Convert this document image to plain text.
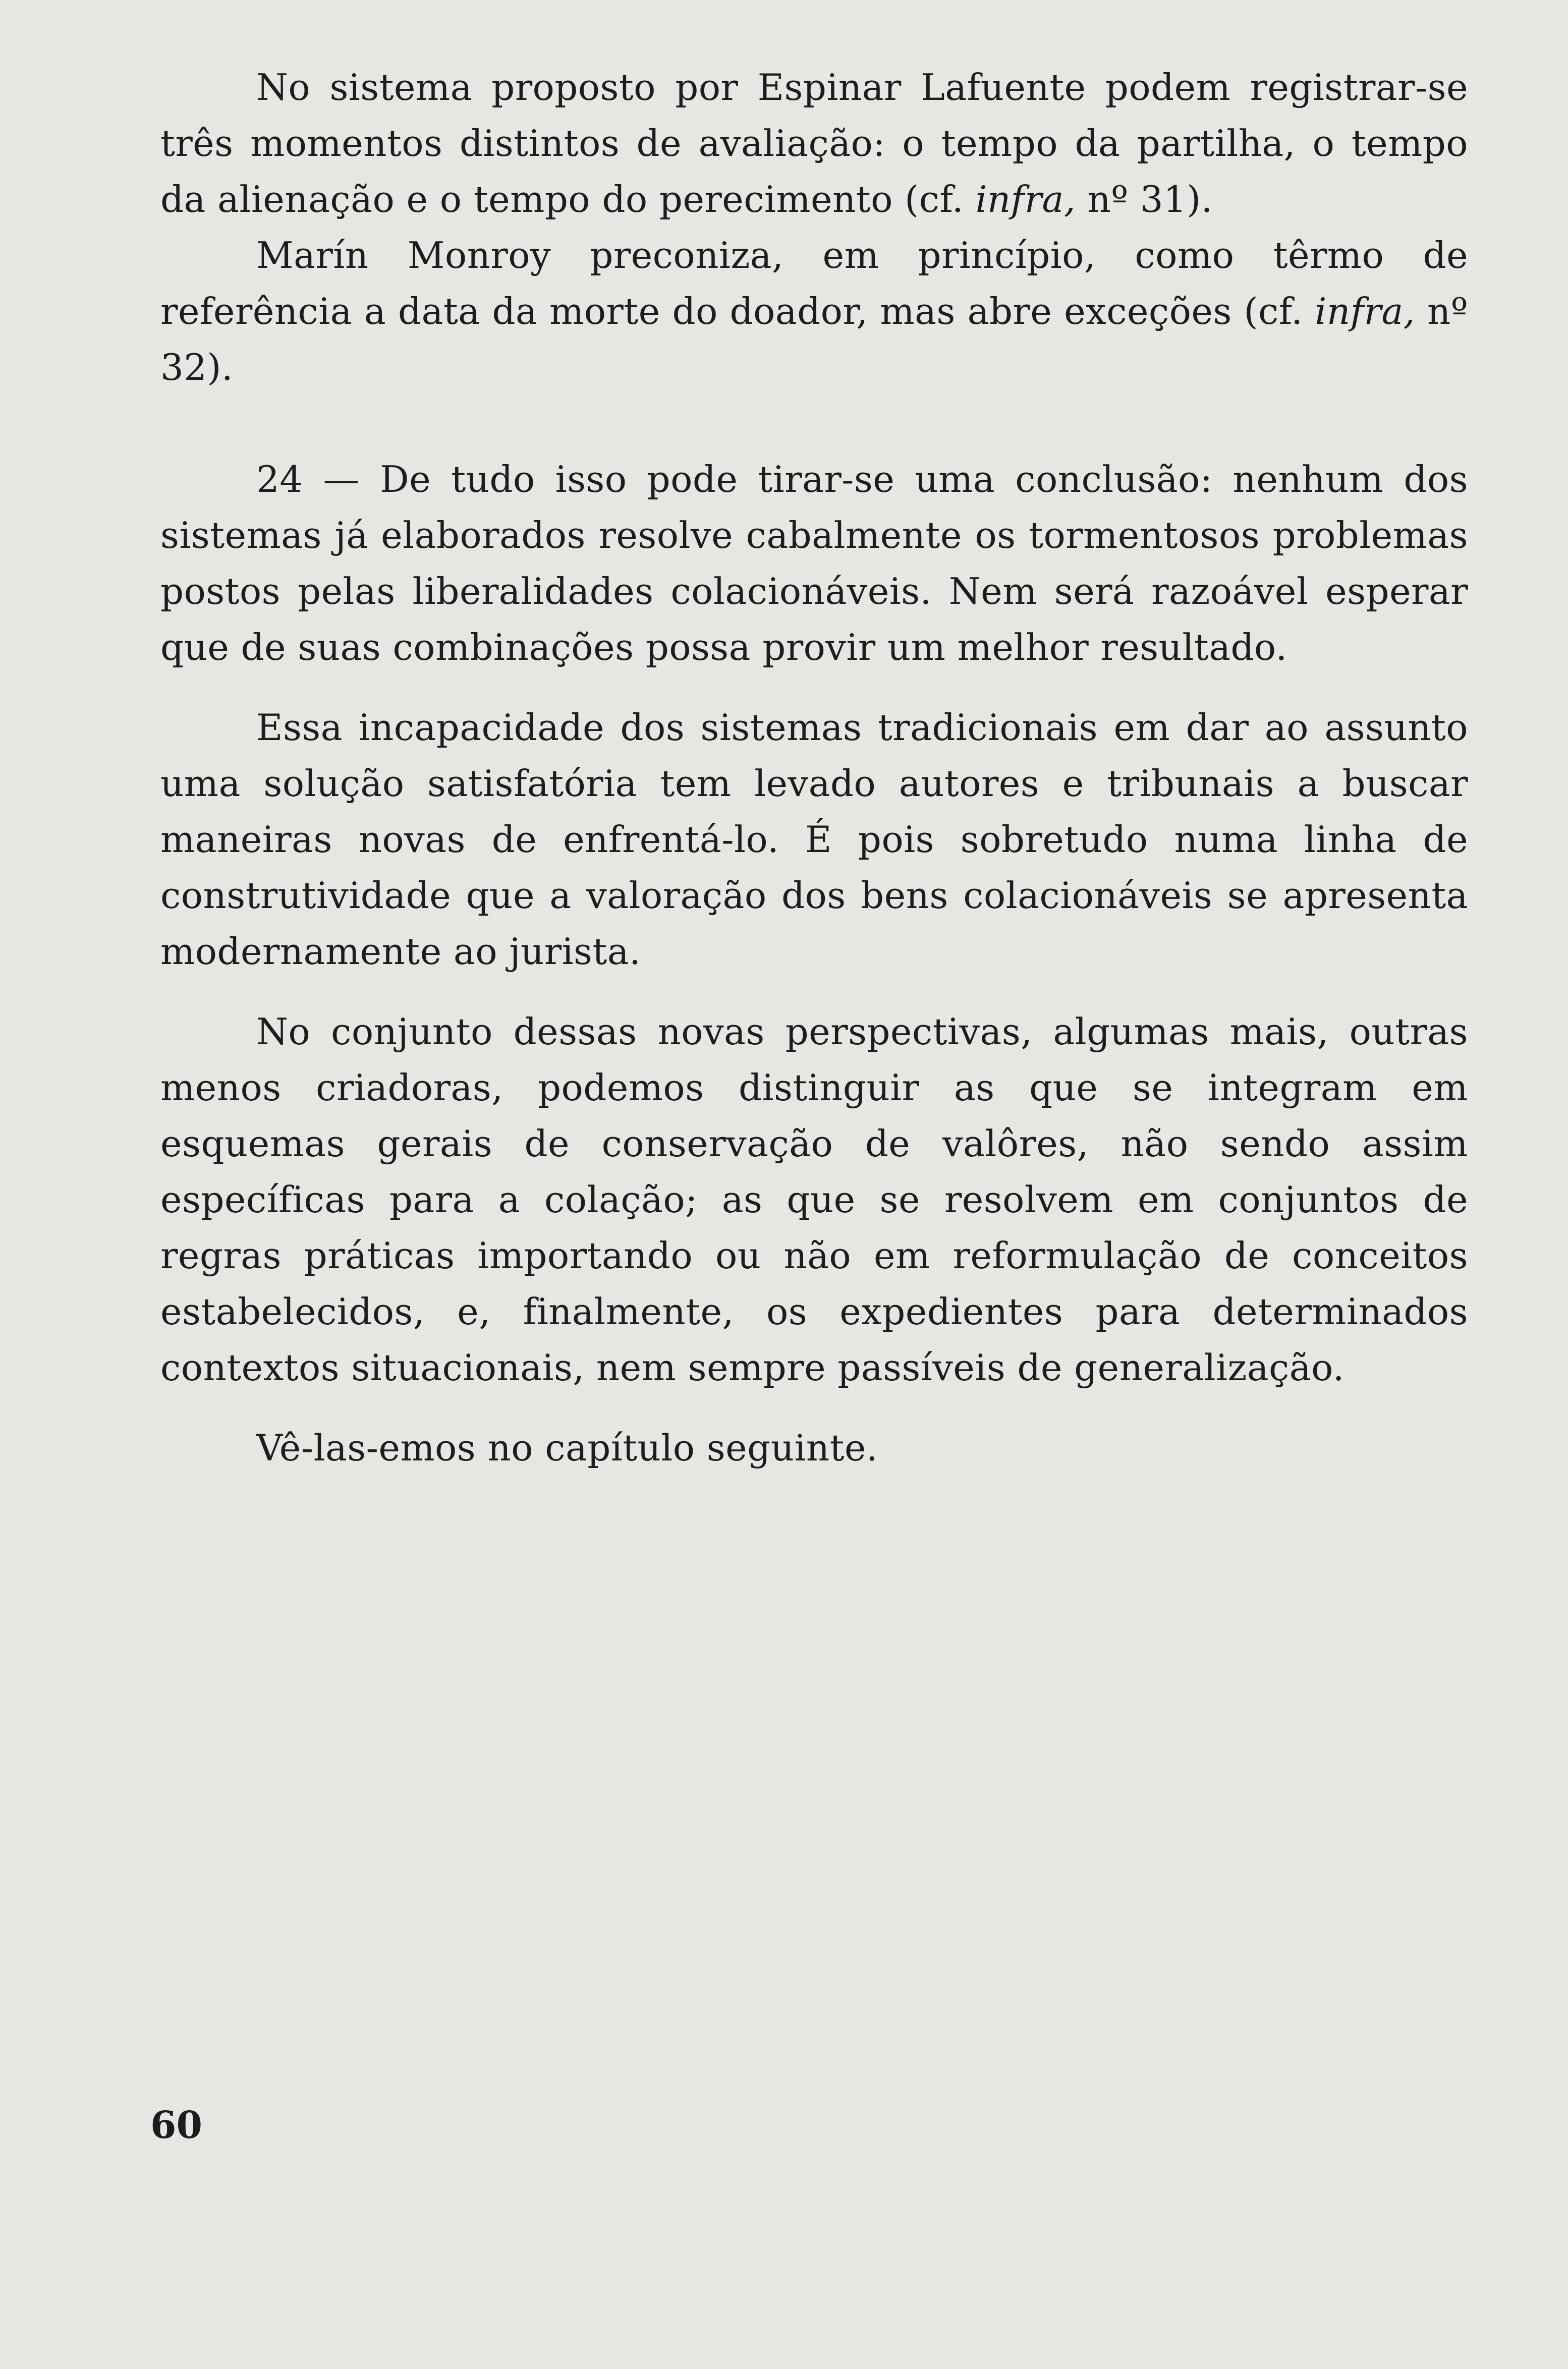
No sistema proposto por Espinar Lafuente podem registrar-se três momentos distintos de avaliação: o tempo da partilha, o tempo da alienação e o tempo do perecimento (cf. infra, nº 31).

Marín Monroy preconiza, em princípio, como têrmo de referência a data da morte do doador, mas abre exceções (cf. infra, nº 32).

24 — De tudo isso pode tirar-se uma conclusão: nenhum dos sistemas já elaborados resolve cabalmente os tormentosos problemas postos pelas liberalidades colacionáveis. Nem será razoável esperar que de suas combinações possa provir um melhor resultado.

Essa incapacidade dos sistemas tradicionais em dar ao assunto uma solução satisfatória tem levado autores e tribunais a buscar maneiras novas de enfrentá-lo. É pois sobretudo numa linha de construtividade que a valoração dos bens colacionáveis se apresenta modernamente ao jurista.

No conjunto dessas novas perspectivas, algumas mais, outras menos criadoras, podemos distinguir as que se integram em esquemas gerais de conservação de valôres, não sendo assim específicas para a colação; as que se resolvem em conjuntos de regras práticas importando ou não em reformulação de conceitos estabelecidos, e, finalmente, os expedientes para determinados contextos situacionais, nem sempre passíveis de generalização.

Vê-las-emos no capítulo seguinte.

60
